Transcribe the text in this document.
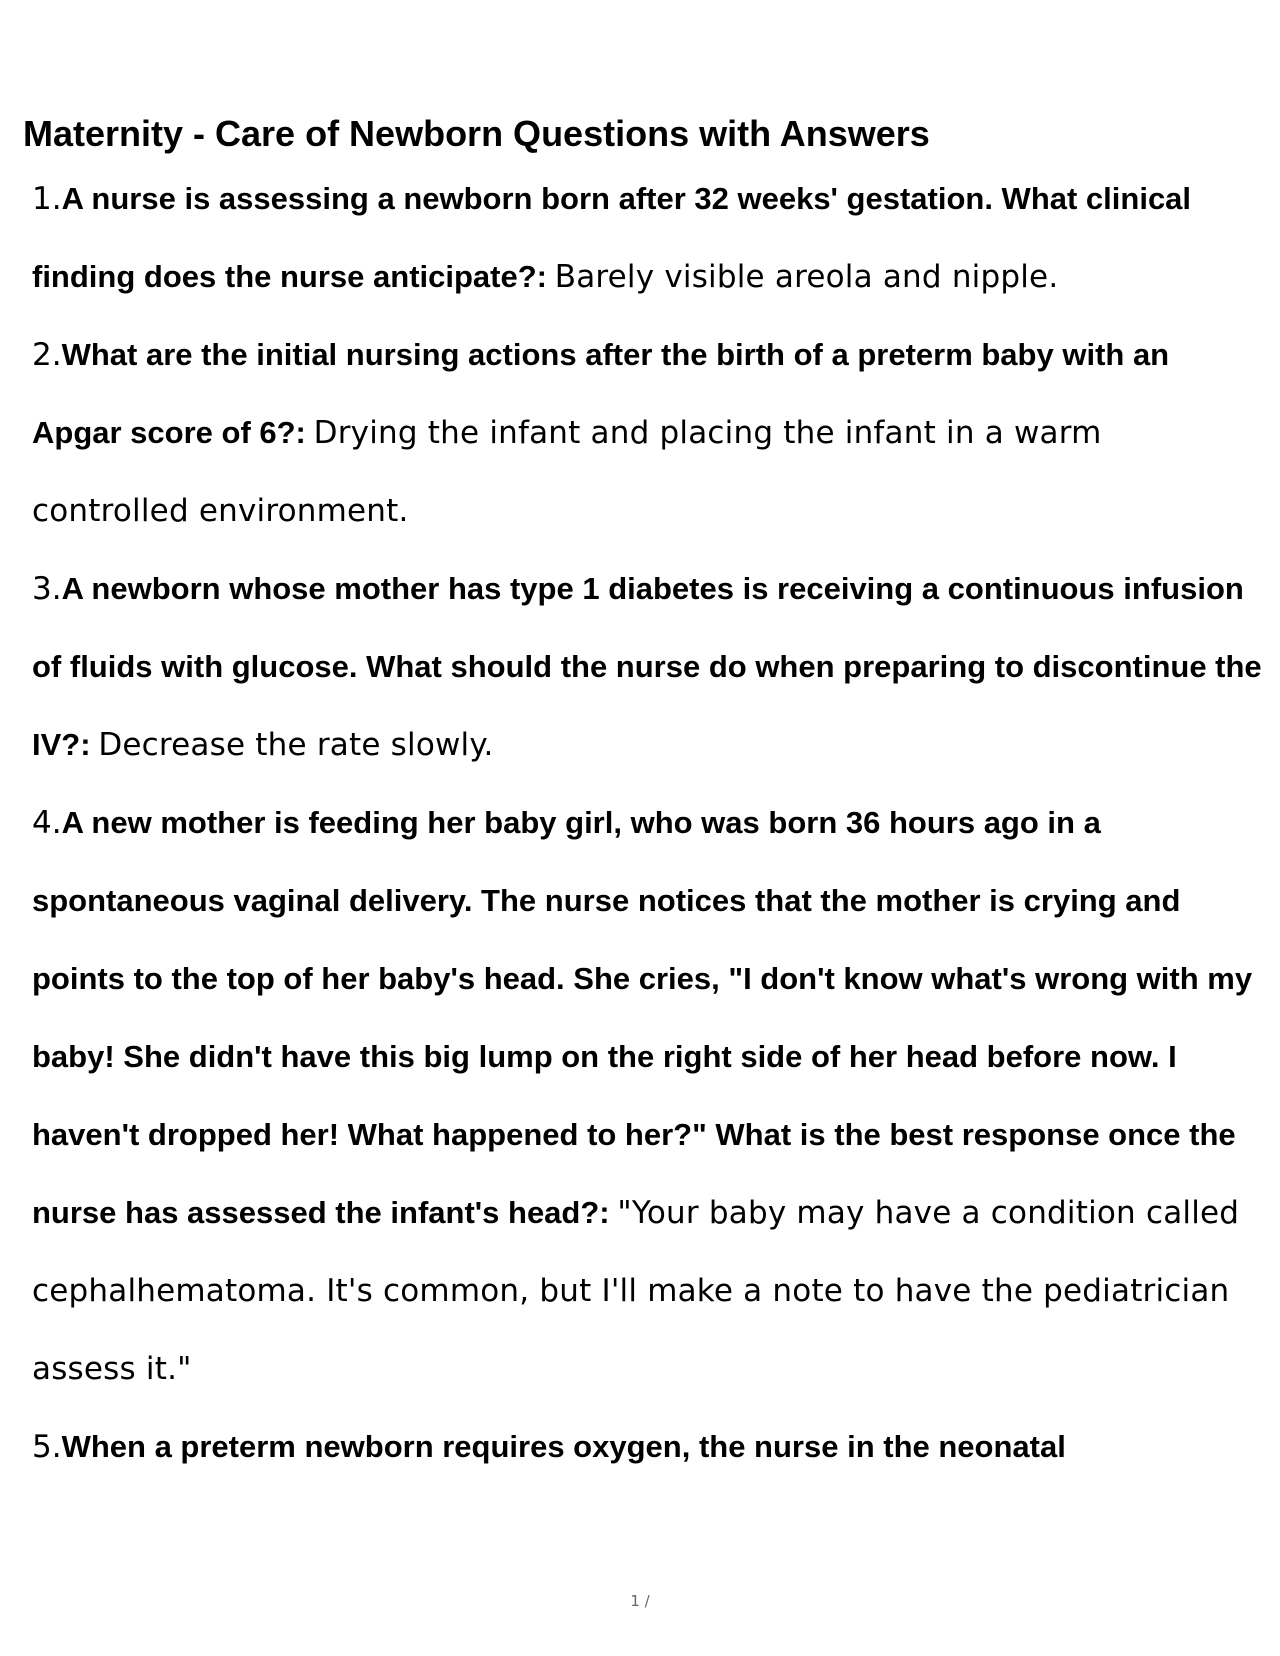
Maternity - Care of Newborn Questions with Answers
1.A nurse is assessing a newborn born after 32 weeks' gestation. What clinical finding does the nurse anticipate?: Barely visible areola and nipple.
2.What are the initial nursing actions after the birth of a preterm baby with an Apgar score of 6?: Drying the infant and placing the infant in a warm controlled environment.
3.A newborn whose mother has type 1 diabetes is receiving a continuous infusion of fluids with glucose. What should the nurse do when preparing to discontinue the IV?: Decrease the rate slowly.
4.A new mother is feeding her baby girl, who was born 36 hours ago in a spontaneous vaginal delivery. The nurse notices that the mother is crying and points to the top of her baby's head. She cries, "I don't know what's wrong with my baby! She didn't have this big lump on the right side of her head before now. I haven't dropped her! What happened to her?" What is the best response once the nurse has assessed the infant's head?: "Your baby may have a condition called cephalhematoma. It's common, but I'll make a note to have the pediatrician assess it."
5.When a preterm newborn requires oxygen, the nurse in the neonatal
1 /
